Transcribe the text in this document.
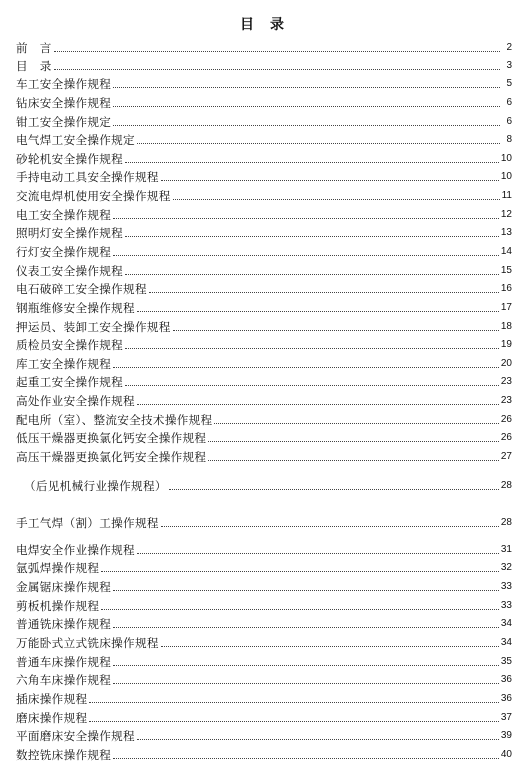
目　录
前　言	2
目　录	3
车工安全操作规程	5
钻床安全操作规程	6
钳工安全操作规定	6
电气焊工安全操作规定	8
砂轮机安全操作规程	10
手持电动工具安全操作规程	10
交流电焊机使用安全操作规程	11
电工安全操作规程	12
照明灯安全操作规程	13
行灯安全操作规程	14
仪表工安全操作规程	15
电石破碎工安全操作规程	16
钢瓶维修安全操作规程	17
押运员、装卸工安全操作规程	18
质检员安全操作规程	19
库工安全操作规程	20
起重工安全操作规程	23
高处作业安全操作规程	23
配电所（室）、整流安全技术操作规程	26
低压干燥器更换氯化钙安全操作规程	26
高压干燥器更换氯化钙安全操作规程	27
（后见机械行业操作规程）	28
手工气焊（割）工操作规程	28
电焊安全作业操作规程	31
氩弧焊操作规程	32
金属锯床操作规程	33
剪板机操作规程	33
普通铣床操作规程	34
万能卧式立式铣床操作规程	34
普通车床操作规程	35
六角车床操作规程	36
插床操作规程	36
磨床操作规程	37
平面磨床安全操作规程	39
数控铣床操作规程	40
